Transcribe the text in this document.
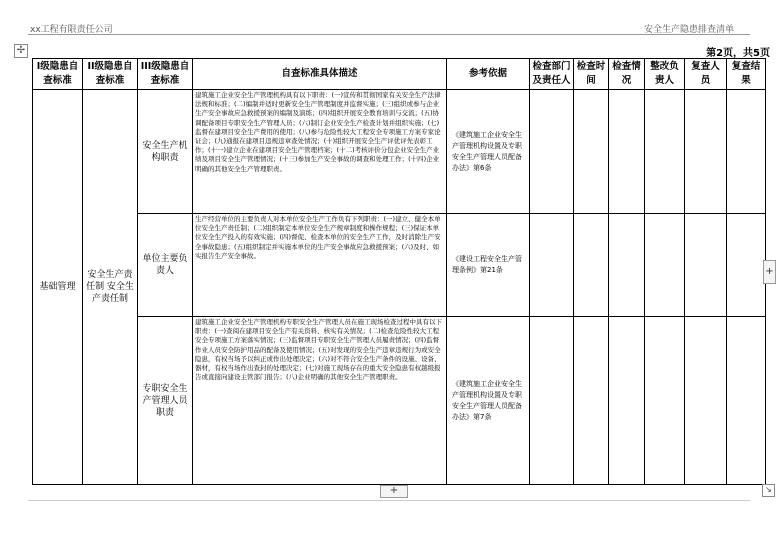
xx工程有限责任公司	安全生产隐患排查清单
✢	第2页，共5页
I级隐患自查标准	II级隐患自查标准	III级隐患自查标准	自查标准具体描述	参考依据	检查部门及责任人	检查时间	检查情况	整改负责人	复查人员	复查结果
基础管理	安全生产责任制 安全生产责任制	安全生产机构职责	建筑施工企业安全生产管理机构具有以下职责：(一)宣传和贯彻国家有关安全生产法律法规和标准；(二)编制并适时更新安全生产管理制度并监督实施；(三)组织或参与企业生产安全事故应急救援预案的编制及演练；(四)组织开展安全教育培训与交流；(五)协调配备项目专职安全生产管理人员；(六)制订企业安全生产检查计划并组织实施；(七)监督在建项目安全生产费用的使用；(八)参与危险性较大工程安全专项施工方案专家论证会；(九)通报在建项目违规违章查处情况；(十)组织开展安全生产评优评先表彰工作；(十一)建立企业在建项目安全生产管理档案；(十二)考核评价分包企业安全生产业绩及项目安全生产管理情况；(十三)参加生产安全事故的调查和处理工作；(十四)企业明确的其他安全生产管理职责。	《建筑施工企业安全生产管理机构设置及专职安全生产管理人员配备办法》第6条						
		单位主要负责人	生产经营单位的主要负责人对本单位安全生产工作负有下列职责：(一)建立、健全本单位安全生产责任制；(二)组织制定本单位安全生产规章制度和操作规程；(三)保证本单位安全生产投入的有效实施；(四)督促、检查本单位的安全生产工作，及时消除生产安全事故隐患；(五)组织制定并实施本单位的生产安全事故应急救援预案；(六)及时、如实报告生产安全事故。	《建设工程安全生产管理条例》第21条						
		专职安全生产管理人员职责	建筑施工企业安全生产管理机构专职安全生产管理人员在施工现场检查过程中具有以下职责：(一)查阅在建项目安全生产有关资料、核实有关情况；(二)检查危险性较大工程安全专项施工方案落实情况；(三)监督项目专职安全生产管理人员履责情况；(四)监督作业人员安全防护用品的配备及使用情况；(五)对发现的安全生产违章违规行为或安全隐患，有权当场予以纠正或作出处理决定；(六)对不符合安全生产条件的设施、设备、器材，有权当场作出查封的处理决定；(七)对施工现场存在的重大安全隐患有权越级报告或直接向建设主管部门报告；(八)企业明确的其他安全生产管理职责。	《建筑施工企业安全生产管理机构设置及专职安全生产管理人员配备办法》第7条						
+
+	↘
